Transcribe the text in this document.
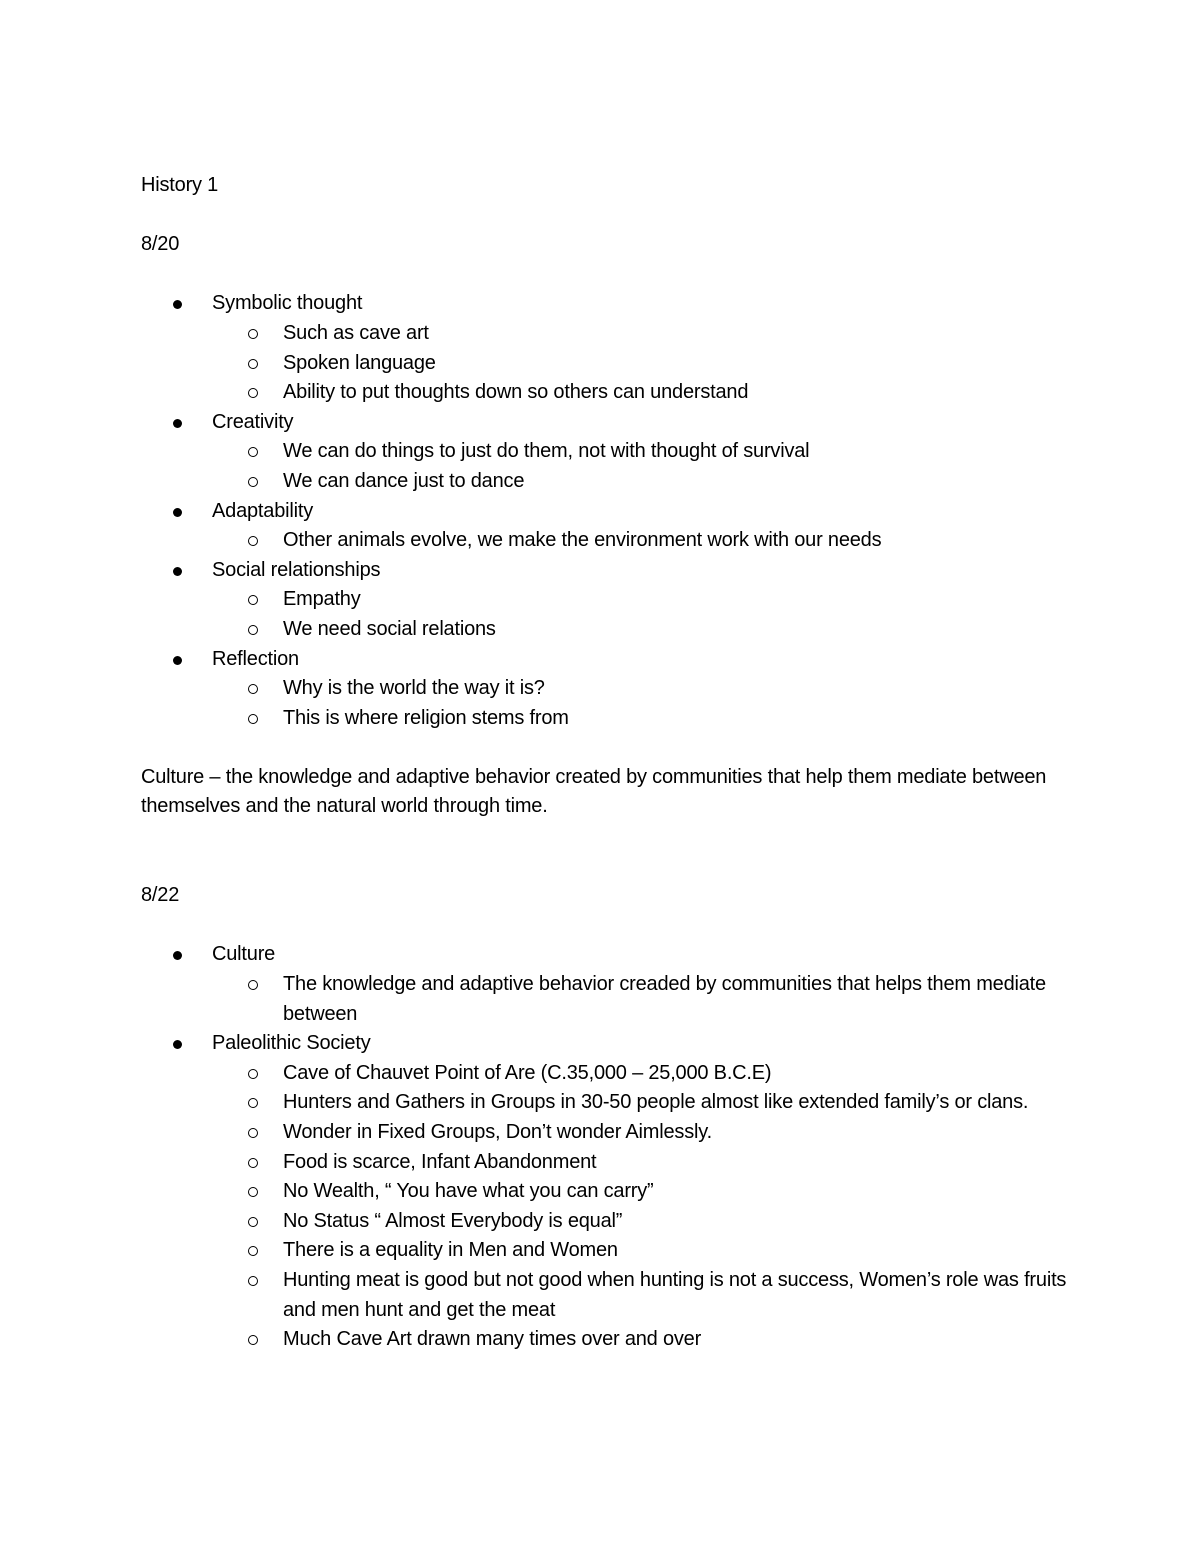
History 1

8/20

Symbolic thought
Such as cave art
Spoken language
Ability to put thoughts down so others can understand
Creativity
We can do things to just do them, not with thought of survival
We can dance just to dance
Adaptability
Other animals evolve, we make the environment work with our needs
Social relationships
Empathy
We need social relations
Reflection
Why is the world the way it is?
This is where religion stems from

Culture – the knowledge and adaptive behavior created by communities that help them mediate between themselves and the natural world through time.

8/22

Culture
The knowledge and adaptive behavior creaded by communities that helps them mediate between
Paleolithic Society
Cave of Chauvet Point of Are (C.35,000 – 25,000 B.C.E)
Hunters and Gathers in Groups in 30-50 people almost like extended family’s or clans.
Wonder in Fixed Groups, Don’t wonder Aimlessly.
Food is scarce, Infant Abandonment
No Wealth, “ You have what you can carry”
No Status “ Almost Everybody is equal”
There is a equality in Men and Women
Hunting meat is good but not good when hunting is not a success, Women’s role was fruits and men hunt and get the meat
Much Cave Art drawn many times over and over
